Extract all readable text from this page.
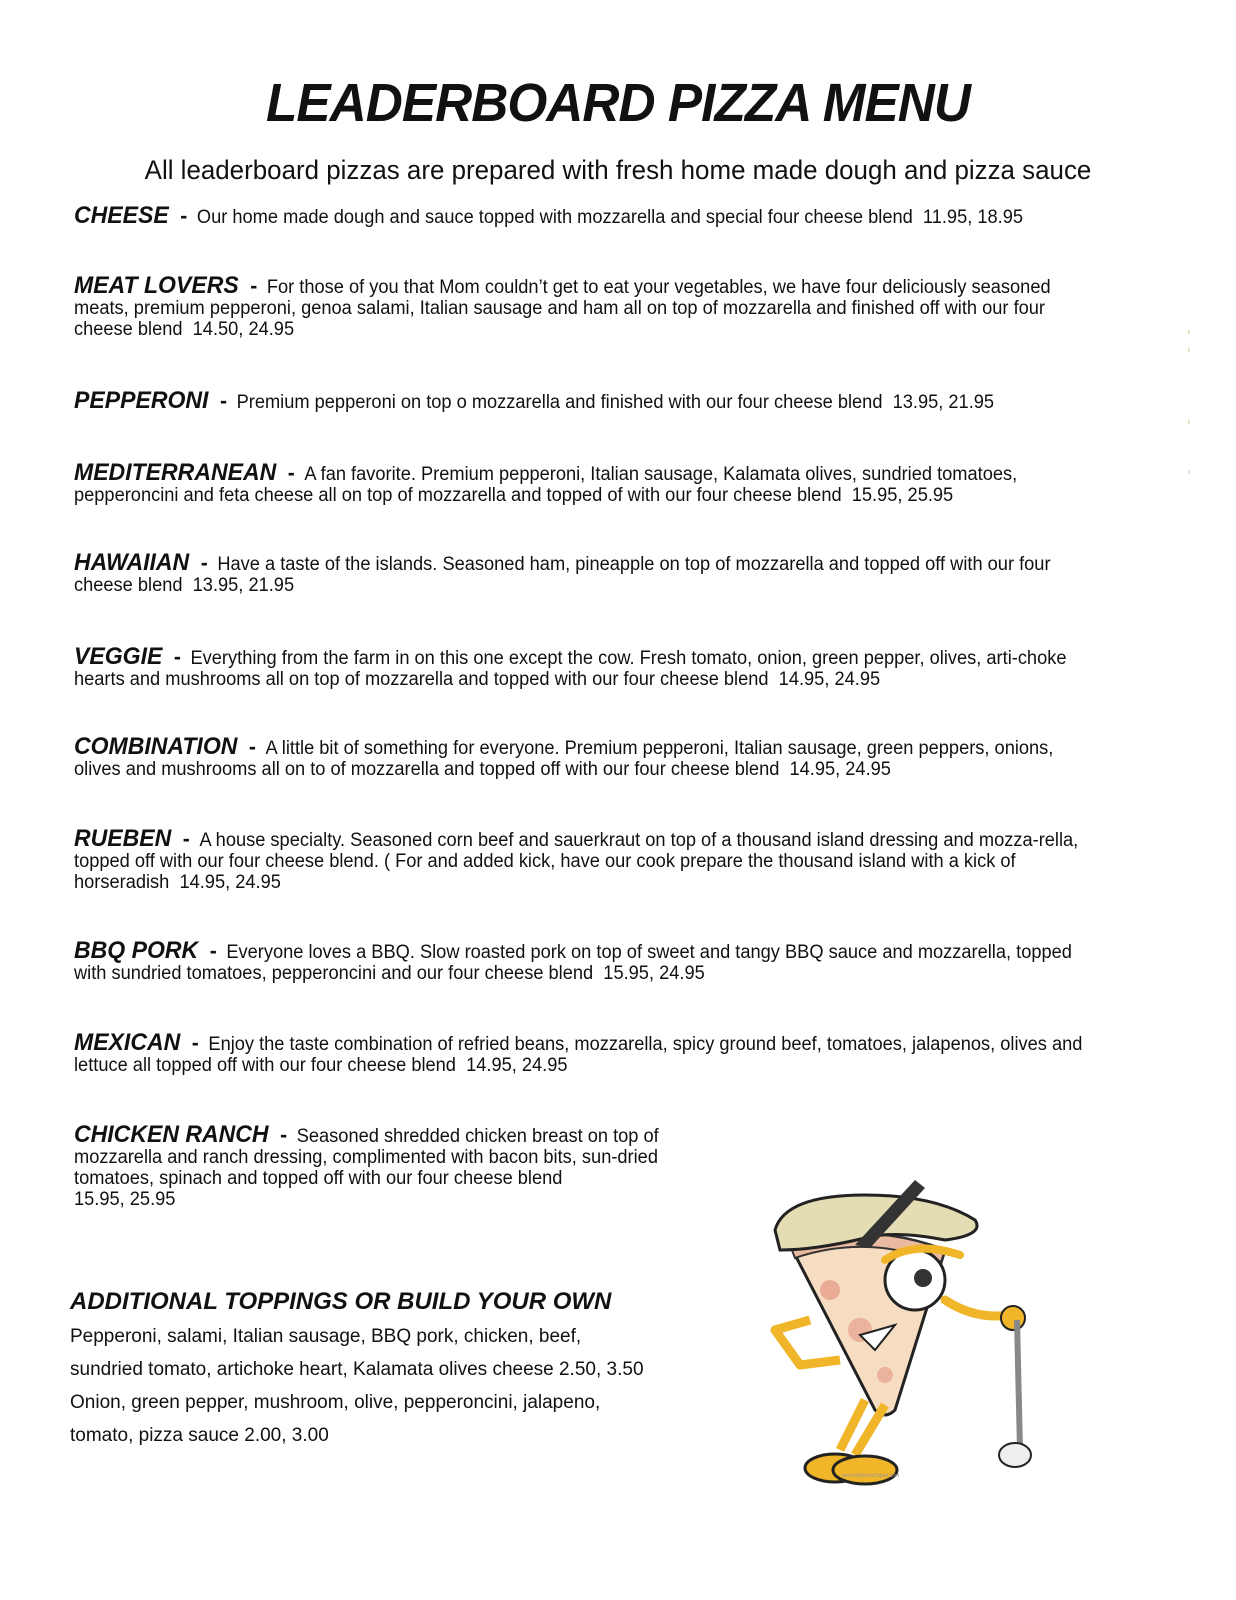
LEADERBOARD PIZZA MENU
All leaderboard pizzas are prepared with fresh home made dough and pizza sauce
CHEESE - Our home made dough and sauce topped with mozzarella and special four cheese blend 11.95, 18.95
MEAT LOVERS - For those of you that Mom couldn’t get to eat your vegetables, we have four deliciously seasoned meats, premium pepperoni, genoa salami, Italian sausage and ham all on top of mozzarella and finished off with our four cheese blend 14.50, 24.95
PEPPERONI - Premium pepperoni on top o mozzarella and finished with our four cheese blend 13.95, 21.95
MEDITERRANEAN - A fan favorite. Premium pepperoni, Italian sausage, Kalamata olives, sundried tomatoes, pepperoncini and feta cheese all on top of mozzarella and topped of with our four cheese blend 15.95, 25.95
HAWAIIAN - Have a taste of the islands. Seasoned ham, pineapple on top of mozzarella and topped off with our four cheese blend 13.95, 21.95
VEGGIE - Everything from the farm in on this one except the cow. Fresh tomato, onion, green pepper, olives, arti-choke hearts and mushrooms all on top of mozzarella and topped with our four cheese blend 14.95, 24.95
COMBINATION - A little bit of something for everyone. Premium pepperoni, Italian sausage, green peppers, onions, olives and mushrooms all on to of mozzarella and topped off with our four cheese blend 14.95, 24.95
RUEBEN - A house specialty. Seasoned corn beef and sauerkraut on top of a thousand island dressing and mozza-rella, topped off with our four cheese blend. ( For and added kick, have our cook prepare the thousand island with a kick of horseradish 14.95, 24.95
BBQ PORK - Everyone loves a BBQ. Slow roasted pork on top of sweet and tangy BBQ sauce and mozzarella, topped with sundried tomatoes, pepperoncini and our four cheese blend 15.95, 24.95
MEXICAN - Enjoy the taste combination of refried beans, mozzarella, spicy ground beef, tomatoes, jalapenos, olives and lettuce all topped off with our four cheese blend 14.95, 24.95
CHICKEN RANCH - Seasoned shredded chicken breast on top of mozzarella and ranch dressing, complimented with bacon bits, sun-dried tomatoes, spinach and topped off with our four cheese blend
15.95, 25.95
ADDITIONAL TOPPINGS OR BUILD YOUR OWN
Pepperoni, salami, Italian sausage, BBQ pork, chicken, beef,
sundried tomato, artichoke heart, Kalamata olives cheese 2.50, 3.50
Onion, green pepper, mushroom, olive, pepperoncini, jalapeno,
tomato, pizza sauce 2.00, 3.00
www.MyBowlsClipart.com
